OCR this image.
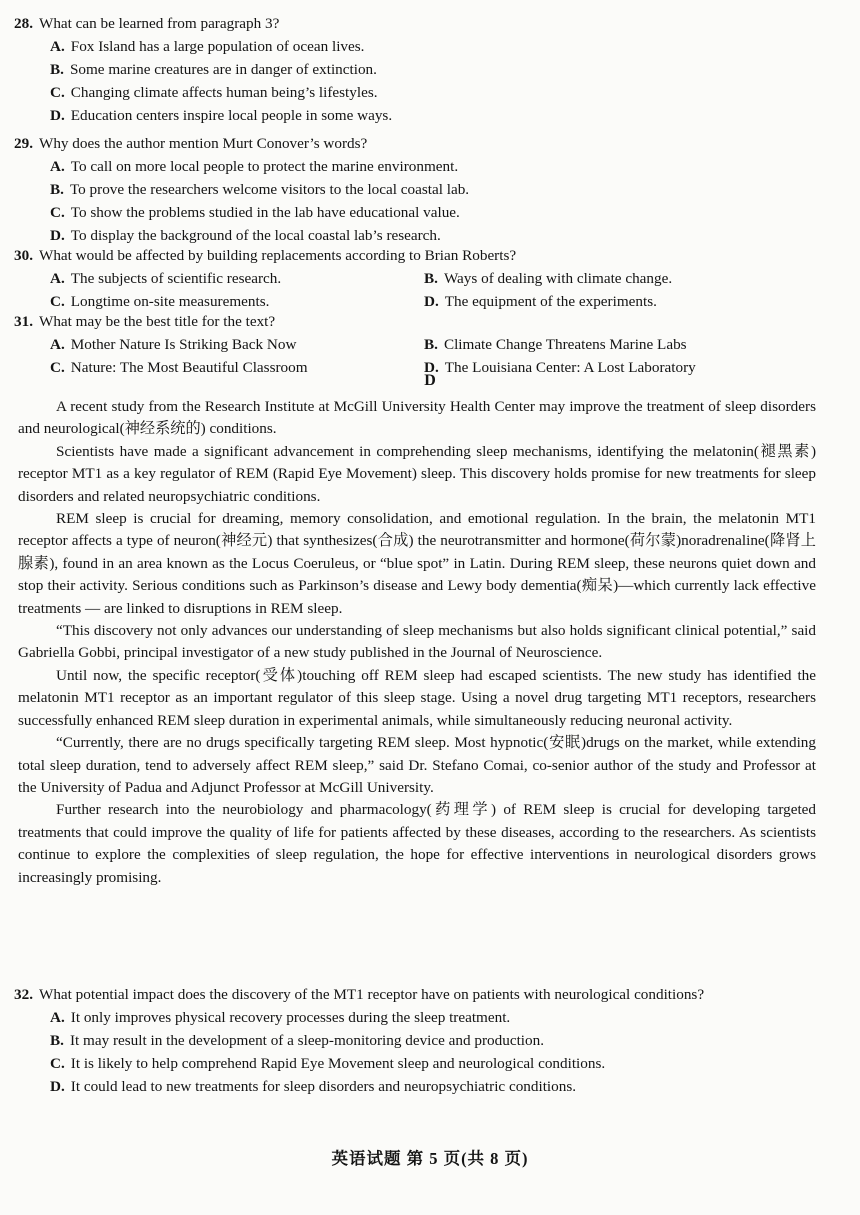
28. What can be learned from paragraph 3?
A. Fox Island has a large population of ocean lives.
B. Some marine creatures are in danger of extinction.
C. Changing climate affects human being’s lifestyles.
D. Education centers inspire local people in some ways.
29. Why does the author mention Murt Conover’s words?
A. To call on more local people to protect the marine environment.
B. To prove the researchers welcome visitors to the local coastal lab.
C. To show the problems studied in the lab have educational value.
D. To display the background of the local coastal lab’s research.
30. What would be affected by building replacements according to Brian Roberts?
A. The subjects of scientific research.	B. Ways of dealing with climate change.
C. Longtime on-site measurements.	D. The equipment of the experiments.
31. What may be the best title for the text?
A. Mother Nature Is Striking Back Now	B. Climate Change Threatens Marine Labs
C. Nature: The Most Beautiful Classroom	D. The Louisiana Center: A Lost Laboratory
D

A recent study from the Research Institute at McGill University Health Center may improve the treatment of sleep disorders and neurological(神经系统的) conditions.

Scientists have made a significant advancement in comprehending sleep mechanisms, identifying the melatonin(褪黑素) receptor MT1 as a key regulator of REM (Rapid Eye Movement) sleep. This discovery holds promise for new treatments for sleep disorders and related neuropsychiatric conditions.

REM sleep is crucial for dreaming, memory consolidation, and emotional regulation. In the brain, the melatonin MT1 receptor affects a type of neuron(神经元) that synthesizes(合成) the neurotransmitter and hormone(荷尔蒙)noradrenaline(降肾上腺素), found in an area known as the Locus Coeruleus, or “blue spot” in Latin. During REM sleep, these neurons quiet down and stop their activity. Serious conditions such as Parkinson’s disease and Lewy body dementia(痴呆)—which currently lack effective treatments — are linked to disruptions in REM sleep.

“This discovery not only advances our understanding of sleep mechanisms but also holds significant clinical potential,” said Gabriella Gobbi, principal investigator of a new study published in the Journal of Neuroscience.

Until now, the specific receptor(受体)touching off REM sleep had escaped scientists. The new study has identified the melatonin MT1 receptor as an important regulator of this sleep stage. Using a novel drug targeting MT1 receptors, researchers successfully enhanced REM sleep duration in experimental animals, while simultaneously reducing neuronal activity.

“Currently, there are no drugs specifically targeting REM sleep. Most hypnotic(安眠)drugs on the market, while extending total sleep duration, tend to adversely affect REM sleep,” said Dr. Stefano Comai, co-senior author of the study and Professor at the University of Padua and Adjunct Professor at McGill University.

Further research into the neurobiology and pharmacology(药理学) of REM sleep is crucial for developing targeted treatments that could improve the quality of life for patients affected by these diseases, according to the researchers. As scientists continue to explore the complexities of sleep regulation, the hope for effective interventions in neurological disorders grows increasingly promising.

32. What potential impact does the discovery of the MT1 receptor have on patients with neurological conditions?
A. It only improves physical recovery processes during the sleep treatment.
B. It may result in the development of a sleep-monitoring device and production.
C. It is likely to help comprehend Rapid Eye Movement sleep and neurological conditions.
D. It could lead to new treatments for sleep disorders and neuropsychiatric conditions.
英语试题 第 5 页(共 8 页)
